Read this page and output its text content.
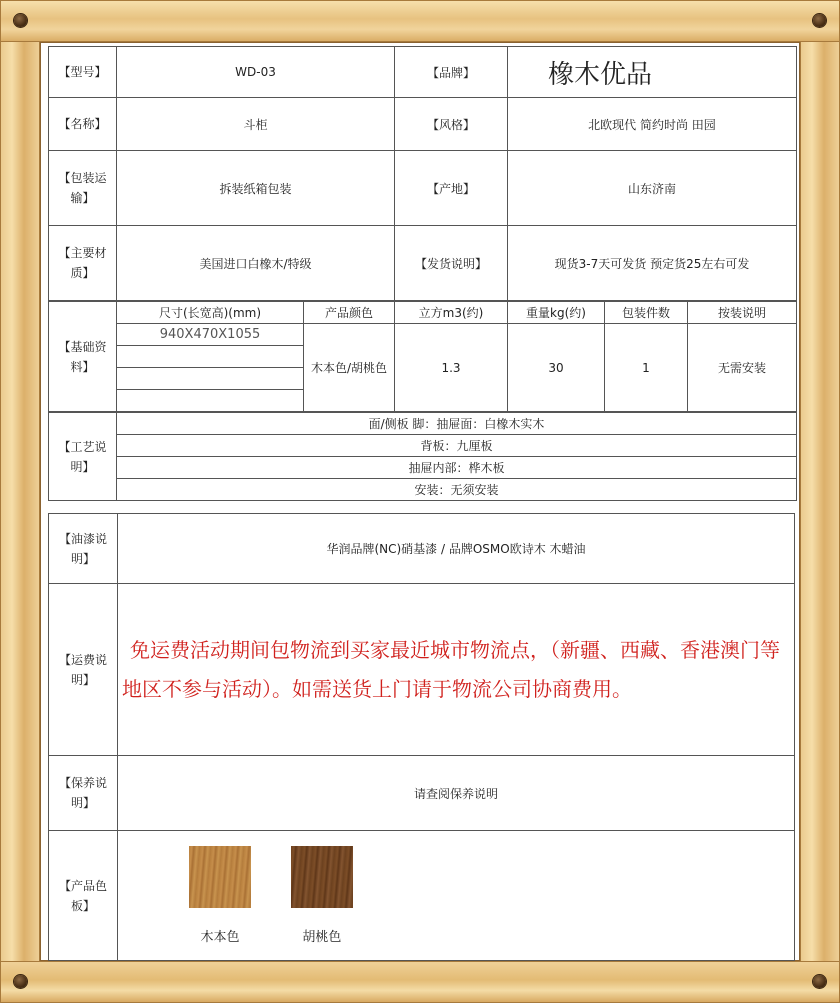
【型号】	WD-03	【品牌】	橡木优品
【名称】	斗柜	【风格】	北欧现代 简约时尚 田园
【包装运输】	拆装纸箱包装	【产地】	山东济南
【主要材质】	美国进口白橡木/特级	【发货说明】	现货3-7天可发货 预定货25左右可发
【基础资料】	尺寸(长宽高)(mm)	产品颜色	立方m3(约)	重量kg(约)	包装件数	按装说明
	940X470X1055	木本色/胡桃色	1.3	30	1	无需安装

【工艺说明】	面/侧板 脚：抽屉面：白橡木实木
背板：九厘板
抽屉内部：桦木板
安装：无须安装
【油漆说明】	华润品牌(NC)硝基漆 / 品牌OSMO欧诗木 木蜡油
【运费说明】	免运费活动期间包物流到买家最近城市物流点，（新疆、西藏、香港澳门等地区不参与活动）。如需送货上门请于物流公司协商费用。
【保养说明】	请查阅保养说明
【产品色板】	木本色
胡桃色
